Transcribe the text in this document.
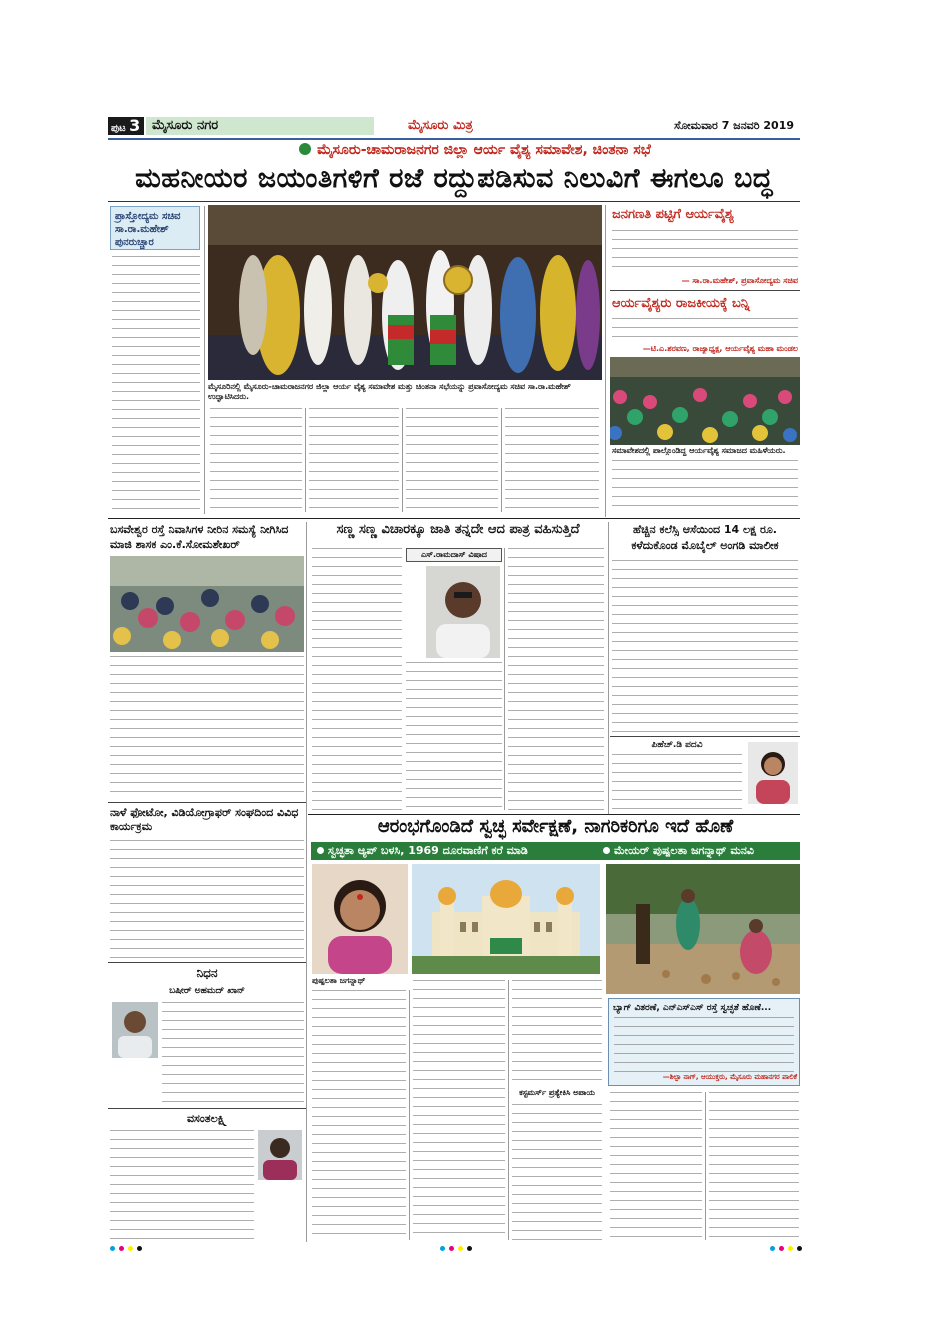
ಪುಟ 3 ಮೈಸೂರು ನಗರ	ಮೈಸೂರು ಮಿತ್ರ	ಸೋಮವಾರ 7 ಜನವರಿ 2019
ಮೈಸೂರು-ಚಾಮರಾಜನಗರ ಜಿಲ್ಲಾ ಆರ್ಯ ವೈಶ್ಯ ಸಮಾವೇಶ, ಚಿಂತನಾ ಸಭೆ
ಮಹನೀಯರ ಜಯಂತಿಗಳಿಗೆ ರಜೆ ರದ್ದುಪಡಿಸುವ ನಿಲುವಿಗೆ ಈಗಲೂ ಬದ್ಧ
ಪ್ರಾಸ್ತೋದ್ಯಮ ಸಚಿವ ಸಾ.ರಾ.ಮಹೇಶ್ ಪುನರುಚ್ಚಾರ
ಮೈಸೂರಿನಲ್ಲಿ ಮೈಸೂರು-ಚಾಮರಾಜನಗರ ಜಿಲ್ಲಾ ಆರ್ಯ ವೈಶ್ಯ ಸಮಾವೇಶ ಮತ್ತು ಚಿಂತನಾ ಸಭೆಯನ್ನು ಪ್ರವಾಸೋದ್ಯಮ ಸಚಿವ ಸಾ.ರಾ.ಮಹೇಶ್ ಉದ್ಘಾಟಿಸಿದರು.
ಜನಗಣತಿ ಪಟ್ಟಿಗೆ ಆರ್ಯವೈಶ್ಯ
— ಸಾ.ರಾ.ಮಹೇಶ್, ಪ್ರವಾಸೋದ್ಯಮ ಸಚಿವ
ಆರ್ಯವೈಶ್ಯರು ರಾಜಕೀಯಕ್ಕೆ ಬನ್ನಿ
—ಟಿ.ಎ.ಶರವಣ, ರಾಜ್ಯಾಧ್ಯಕ್ಷ, ಆರ್ಯವೈಶ್ಯ ಮಹಾ ಮಂಡಲ
ಸಮಾವೇಶದಲ್ಲಿ ಪಾಲ್ಗೊಂಡಿದ್ದ ಆರ್ಯವೈಶ್ಯ ಸಮಾಜದ ಮಹಿಳೆಯರು.
ಬಸವೇಶ್ವರ ರಸ್ತೆ ನಿವಾಸಿಗಳ ನೀರಿನ ಸಮಸ್ಯೆ ನೀಗಿಸಿದ ಮಾಜಿ ಶಾಸಕ ಎಂ.ಕೆ.ಸೋಮಶೇಖರ್
ನಾಳೆ ಫೋಟೋ, ವಿಡಿಯೋಗ್ರಾಫರ್ ಸಂಘದಿಂದ ವಿವಿಧ ಕಾರ್ಯಕ್ರಮ
ನಿಧನ
ಬಷೀರ್ ಅಹಮದ್ ಖಾನ್
ವಸಂತಲಕ್ಷ್ಮಿ
ಸಣ್ಣ ಸಣ್ಣ ವಿಚಾರಕ್ಕೂ ಜಾತಿ ತನ್ನದೇ ಆದ ಪಾತ್ರ ವಹಿಸುತ್ತಿದೆ
ಎಸ್.ರಾಮದಾಸ್ ವಿಷಾದ
ಹೆಚ್ಚಿನ ಕಲೆಸ್ಸಿ ಆಸೆಯಿಂದ 14 ಲಕ್ಷ ರೂ. ಕಳೆದುಕೊಂಡ ಮೊಬೈಲ್ ಅಂಗಡಿ ಮಾಲೀಕ
ಪಿಹೆಚ್.ಡಿ ಪದವಿ
ಆರಂಭಗೊಂಡಿದೆ ಸ್ವಚ್ಛ ಸರ್ವೇಕ್ಷಣೆ, ನಾಗರಿಕರಿಗೂ ಇದೆ ಹೊಣೆ
ಸ್ವಚ್ಛತಾ ಆ್ಯಪ್ ಬಳಸಿ, 1969 ದೂರವಾಣಿಗೆ ಕರೆ ಮಾಡಿ	ಮೇಯರ್ ಪುಷ್ಪಲತಾ ಜಗನ್ನಾಥ್ ಮನವಿ
ಪುಷ್ಪಲತಾ ಜಗನ್ನಾಥ್
ಕಸ್ಟಮರ್ಸ್ ಪ್ರತ್ಯೇಕಿಸಿ ಅಪಾಯ
ಬ್ಯಾಗ್ ವಿತರಣೆ, ಎನ್ಎಸ್ಎಸ್ ರಸ್ತೆ ಸ್ವಚ್ಛತೆ ಹೊಣೆ...
—ಶಿಲ್ಪಾ ನಾಗ್, ಆಯುಕ್ತರು, ಮೈಸೂರು ಮಹಾನಗರ ಪಾಲಿಕೆ
